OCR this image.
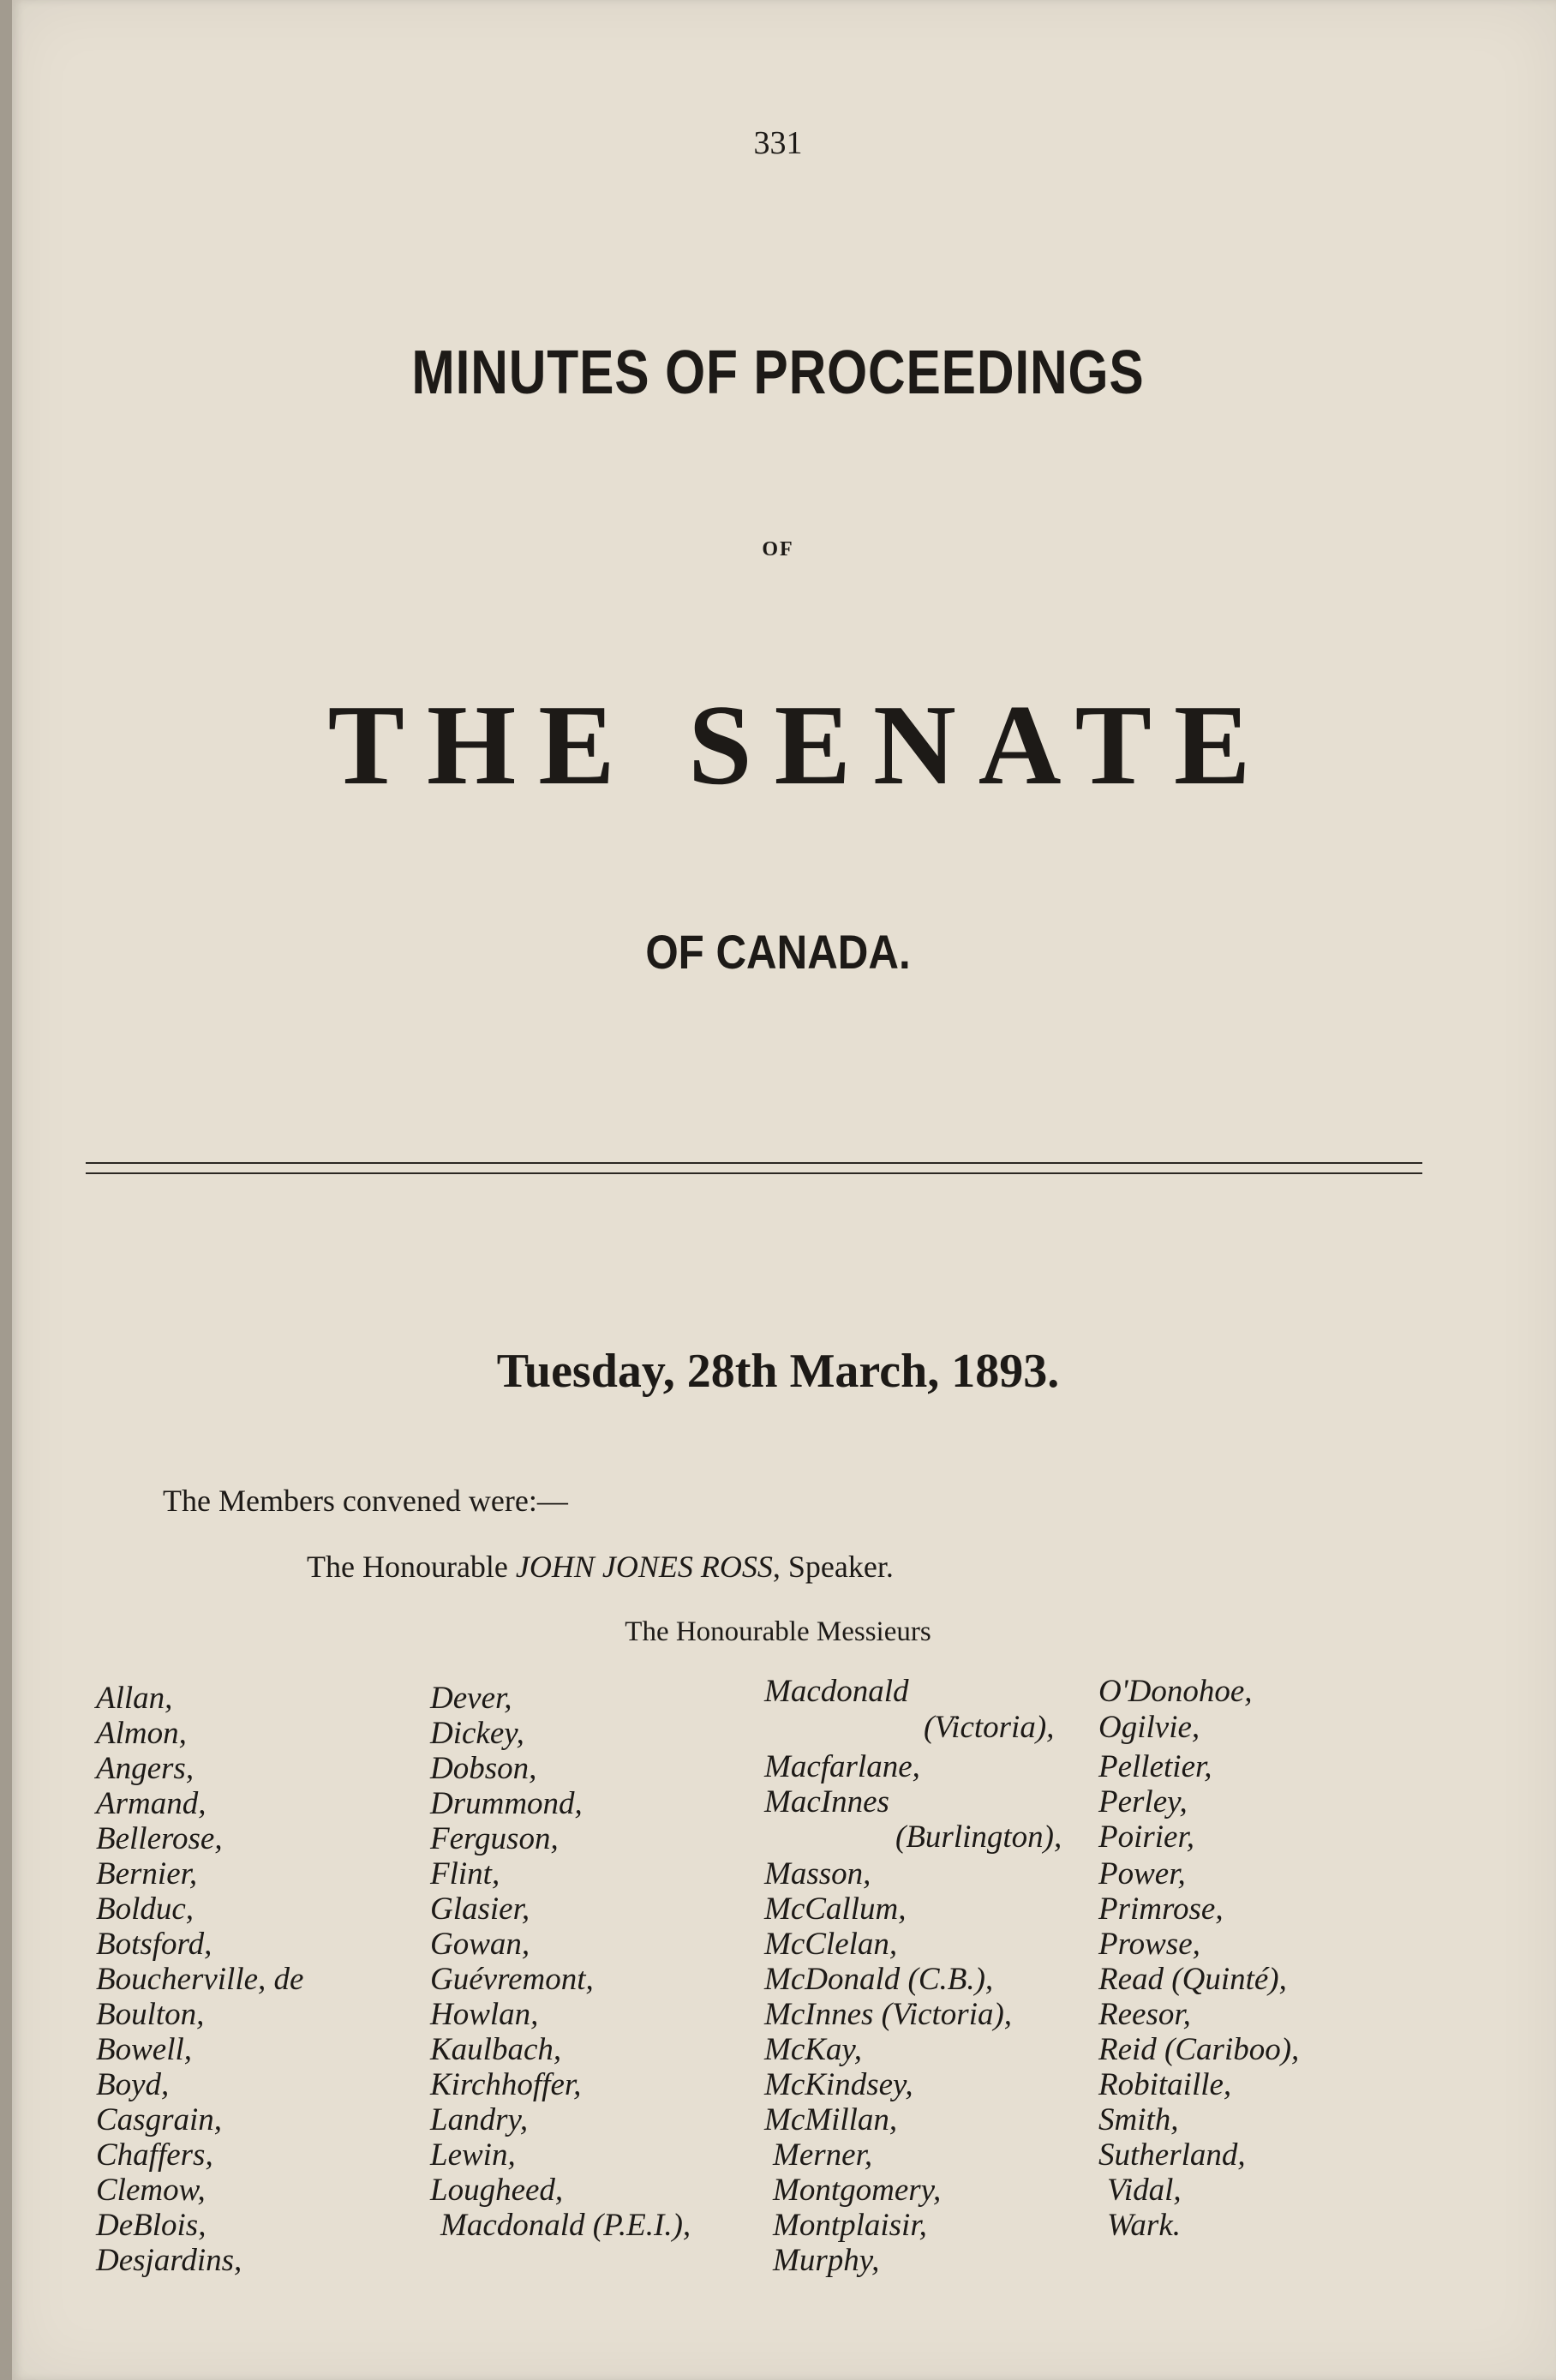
331

MINUTES OF PROCEEDINGS

OF

THE SENATE

OF CANADA.

Tuesday, 28th March, 1893.

The Members convened were:—

The Honourable JOHN JONES ROSS, Speaker.

The Honourable Messieurs

Allan,
Almon,
Angers,
Armand,
Bellerose,
Bernier,
Bolduc,
Botsford,
Boucherville, de
Boulton,
Bowell,
Boyd,
Casgrain,
Chaffers,
Clemow,
DeBlois,
Desjardins,
Dever,
Dickey,
Dobson,
Drummond,
Ferguson,
Flint,
Glasier,
Gowan,
Guévremont,
Howlan,
Kaulbach,
Kirchhoffer,
Landry,
Lewin,
Lougheed,
Macdonald (P.E.I.),
Macdonald
(Victoria),
Macfarlane,
MacInnes
(Burlington),
Masson,
McCallum,
McClelan,
McDonald (C.B.),
McInnes (Victoria),
McKay,
McKindsey,
McMillan,
Merner,
Montgomery,
Montplaisir,
Murphy,
O'Donohoe,
Ogilvie,
Pelletier,
Perley,
Poirier,
Power,
Primrose,
Prowse,
Read (Quinté),
Reesor,
Reid (Cariboo),
Robitaille,
Smith,
Sutherland,
Vidal,
Wark.
